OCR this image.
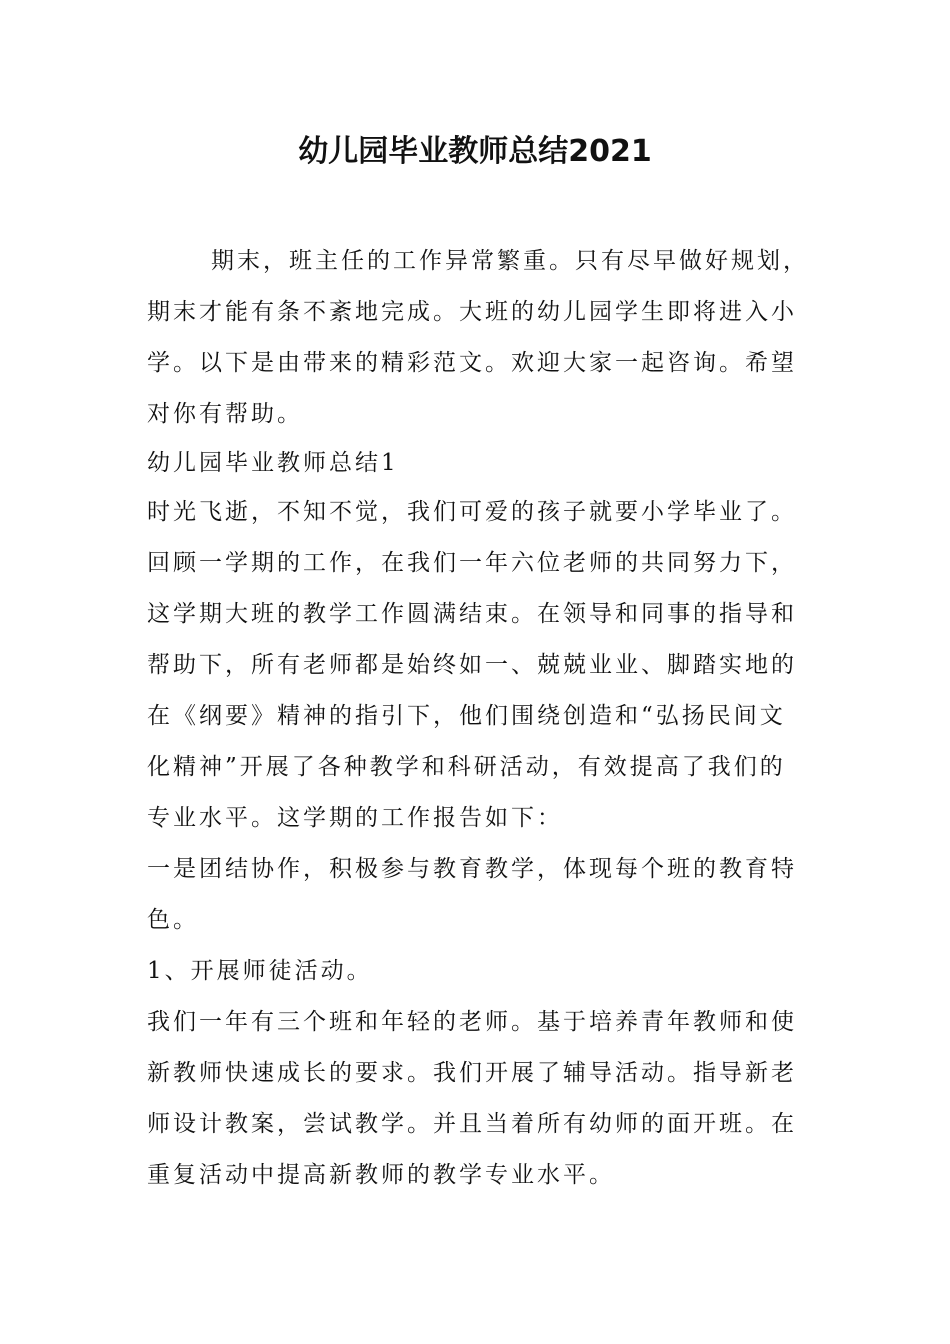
幼儿园毕业教师总结2021
期末，班主任的工作异常繁重。只有尽早做好规划，
期末才能有条不紊地完成。大班的幼儿园学生即将进入小
学。以下是由带来的精彩范文。欢迎大家一起咨询。希望
对你有帮助。
幼儿园毕业教师总结1
时光飞逝，不知不觉，我们可爱的孩子就要小学毕业了。
回顾一学期的工作，在我们一年六位老师的共同努力下，
这学期大班的教学工作圆满结束。在领导和同事的指导和
帮助下，所有老师都是始终如一、兢兢业业、脚踏实地的
在《纲要》精神的指引下，他们围绕创造和“弘扬民间文
化精神”开展了各种教学和科研活动，有效提高了我们的
专业水平。这学期的工作报告如下：
一是团结协作，积极参与教育教学，体现每个班的教育特
色。
1、开展师徒活动。
我们一年有三个班和年轻的老师。基于培养青年教师和使
新教师快速成长的要求。我们开展了辅导活动。指导新老
师设计教案，尝试教学。并且当着所有幼师的面开班。在
重复活动中提高新教师的教学专业水平。
